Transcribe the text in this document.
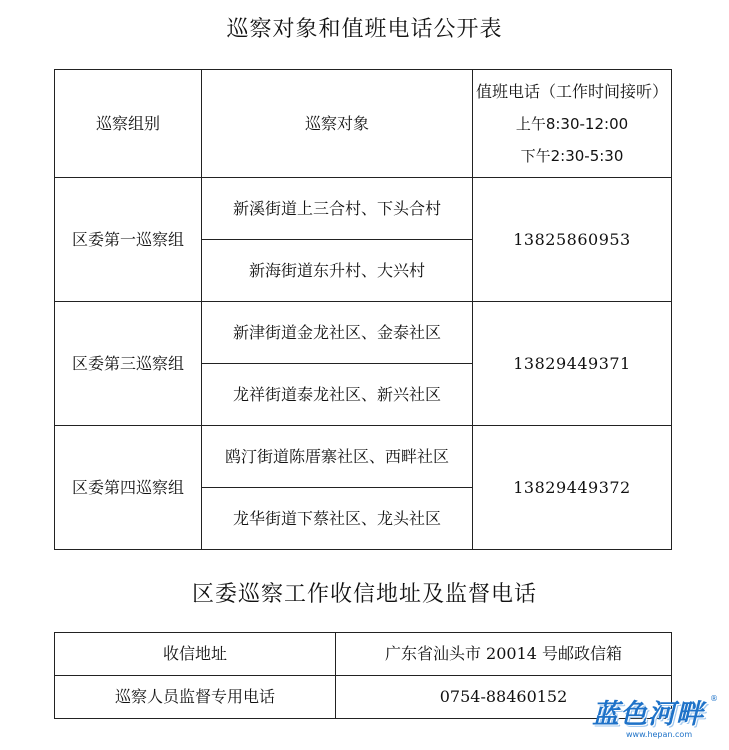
巡察对象和值班电话公开表
巡察组别	巡察对象	值班电话（工作时间接听）
上午8:30-12:00
下午2:30-5:30

区委第一巡察组	新溪街道上三合村、下头合村	13825860953
	新海街道东升村、大兴村	
区委第三巡察组	新津街道金龙社区、金泰社区	13829449371
	龙祥街道泰龙社区、新兴社区	
区委第四巡察组	鸥汀街道陈厝寨社区、西畔社区	13829449372
	龙华街道下蔡社区、龙头社区	
区委巡察工作收信地址及监督电话
收信地址	广东省汕头市 20014 号邮政信箱
巡察人员监督专用电话	0754-88460152
蓝色河畔
®
www.hepan.com
